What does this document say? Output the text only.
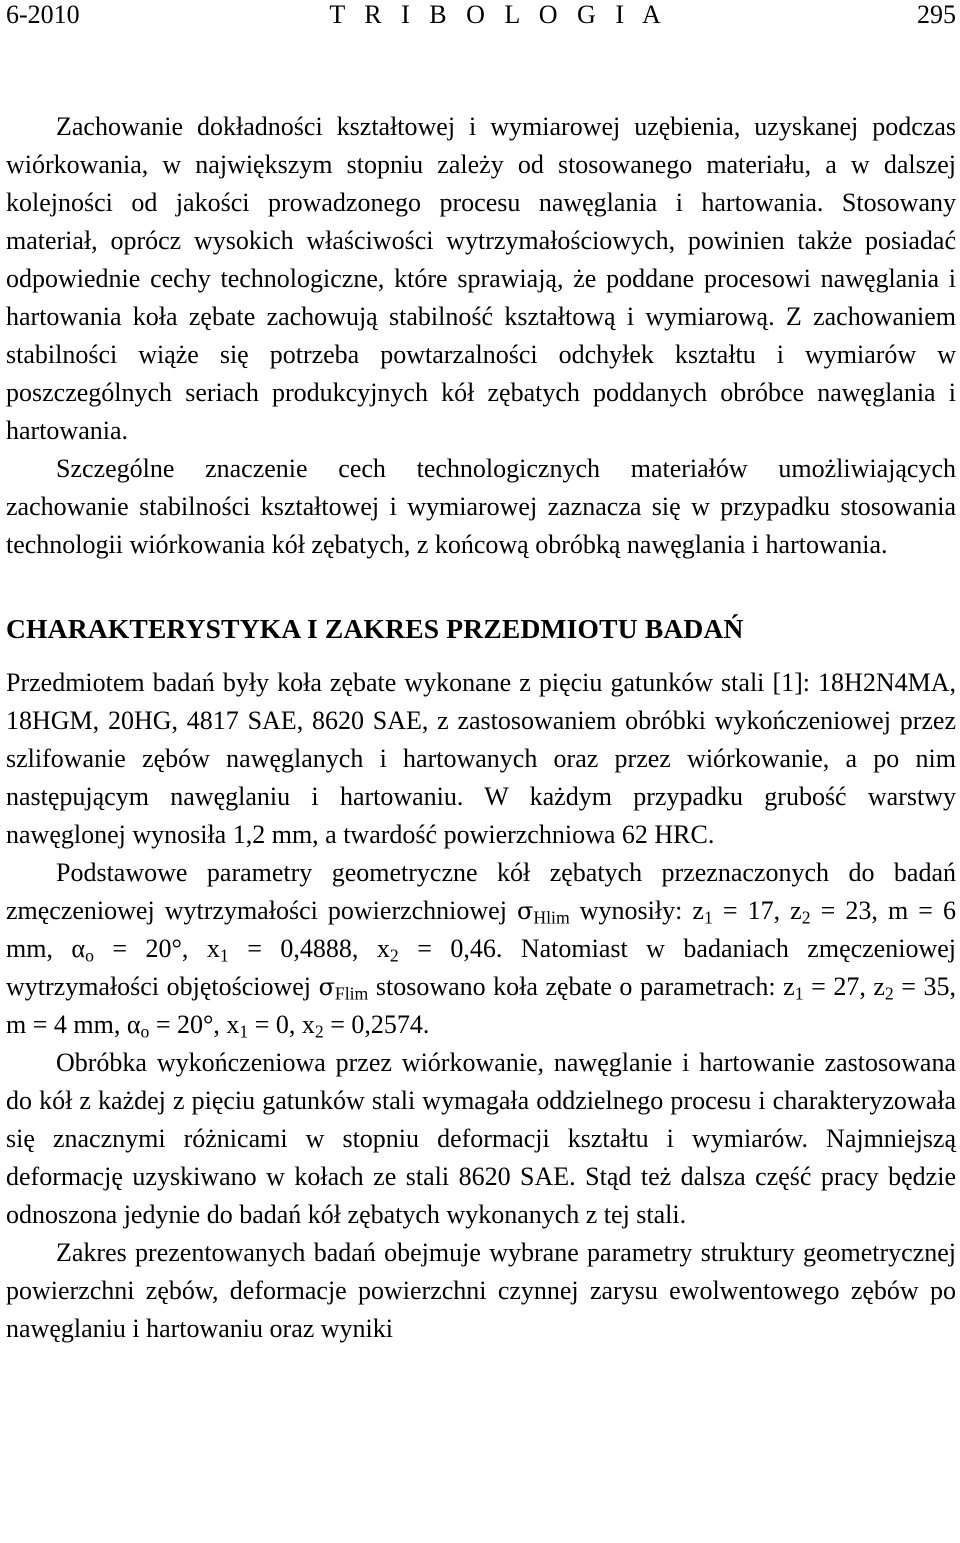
6-2010	T R I B O L O G I A	295

Zachowanie dokładności kształtowej i wymiarowej uzębienia, uzyskanej podczas wiórkowania, w największym stopniu zależy od stosowanego materiału, a w dalszej kolejności od jakości prowadzonego procesu nawęglania i hartowania. Stosowany materiał, oprócz wysokich właściwości wytrzymałościowych, powinien także posiadać odpowiednie cechy technologiczne, które sprawiają, że poddane procesowi nawęglania i hartowania koła zębate zachowują stabilność kształtową i wymiarową. Z zachowaniem stabilności wiąże się potrzeba powtarzalności odchyłek kształtu i wymiarów w poszczególnych seriach produkcyjnych kół zębatych poddanych obróbce nawęglania i hartowania.

Szczególne znaczenie cech technologicznych materiałów umożliwiających zachowanie stabilności kształtowej i wymiarowej zaznacza się w przypadku stosowania technologii wiórkowania kół zębatych, z końcową obróbką nawęglania i hartowania.

CHARAKTERYSTYKA I ZAKRES PRZEDMIOTU BADAŃ

Przedmiotem badań były koła zębate wykonane z pięciu gatunków stali [1]: 18H2N4MA, 18HGM, 20HG, 4817 SAE, 8620 SAE, z zastosowaniem obróbki wykończeniowej przez szlifowanie zębów nawęglanych i hartowanych oraz przez wiórkowanie, a po nim następującym nawęglaniu i hartowaniu. W każdym przypadku grubość warstwy nawęglonej wynosiła 1,2 mm, a twardość powierzchniowa 62 HRC.

Podstawowe parametry geometryczne kół zębatych przeznaczonych do badań zmęczeniowej wytrzymałości powierzchniowej σHlim wynosiły: $z_1 = 17$, $z_2 = 23$, m = 6 mm, $\alpha_o = 20^\circ$, $x_1 = 0,4888$, $x_2 = 0,46$. Natomiast w badaniach zmęczeniowej wytrzymałości objętościowej σFlim stosowano koła zębate o parametrach: $z_1 = 27$, $z_2 = 35$, m = 4 mm, $\alpha_o = 20^\circ$, $x_1 = 0$, $x_2 = 0,2574$.

Obróbka wykończeniowa przez wiórkowanie, nawęglanie i hartowanie zastosowana do kół z każdej z pięciu gatunków stali wymagała oddzielnego procesu i charakteryzowała się znacznymi różnicami w stopniu deformacji kształtu i wymiarów. Najmniejszą deformację uzyskiwano w kołach ze stali 8620 SAE. Stąd też dalsza część pracy będzie odnoszona jedynie do badań kół zębatych wykonanych z tej stali.

Zakres prezentowanych badań obejmuje wybrane parametry struktury geometrycznej powierzchni zębów, deformacje powierzchni czynnej zarysu ewolwentowego zębów po nawęglaniu i hartowaniu oraz wyniki
